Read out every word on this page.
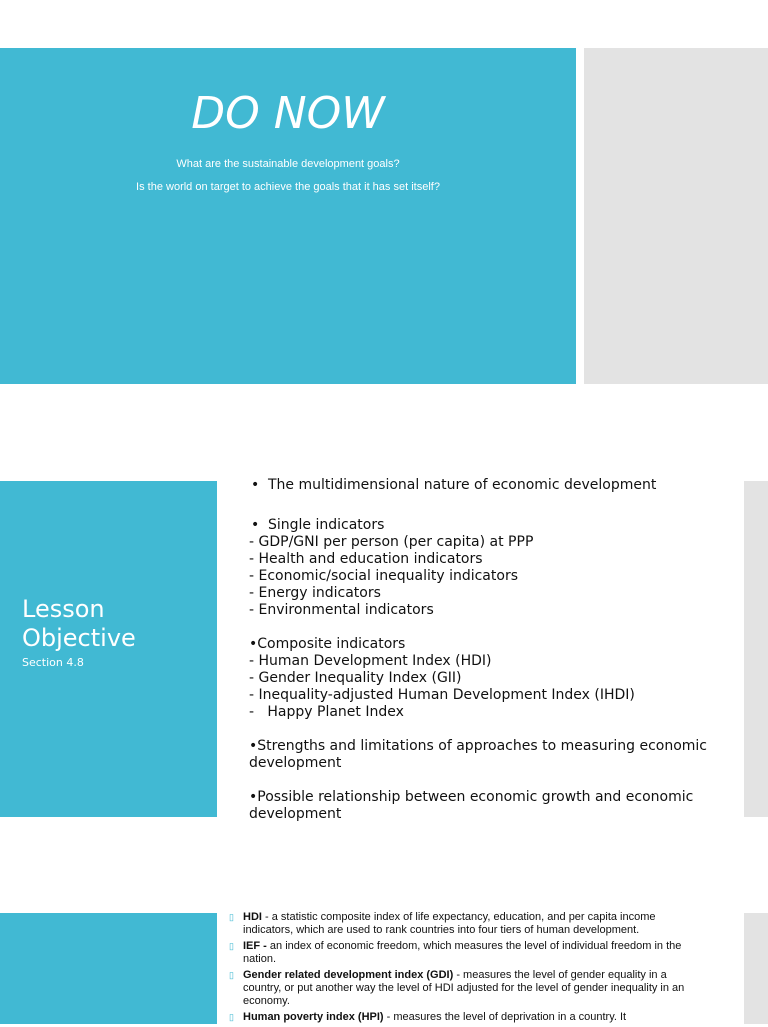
DO NOW
What are the sustainable development goals?
Is the world on target to achieve the goals that it has set itself?
Lesson
Objective
Section 4.8
• The multidimensional nature of economic development
• Single indicators
- GDP/GNI per person (per capita) at PPP
- Health and education indicators
- Economic/social inequality indicators
- Energy indicators
- Environmental indicators
•Composite indicators
- Human Development Index (HDI)
- Gender Inequality Index (GII)
- Inequality-adjusted Human Development Index (IHDI)
-   Happy Planet Index
•Strengths and limitations of approaches to measuring economic development
•Possible relationship between economic growth and economic development
▯ HDI - a statistic composite index of life expectancy, education, and per capita income indicators, which are used to rank countries into four tiers of human development.
▯ IEF - an index of economic freedom, which measures the level of individual freedom in the nation.
▯ Gender related development index (GDI) - measures the level of gender equality in a country, or put another way the level of HDI adjusted for the level of gender inequality in an economy.
▯ Human poverty index (HPI) - measures the level of deprivation in a country. It
